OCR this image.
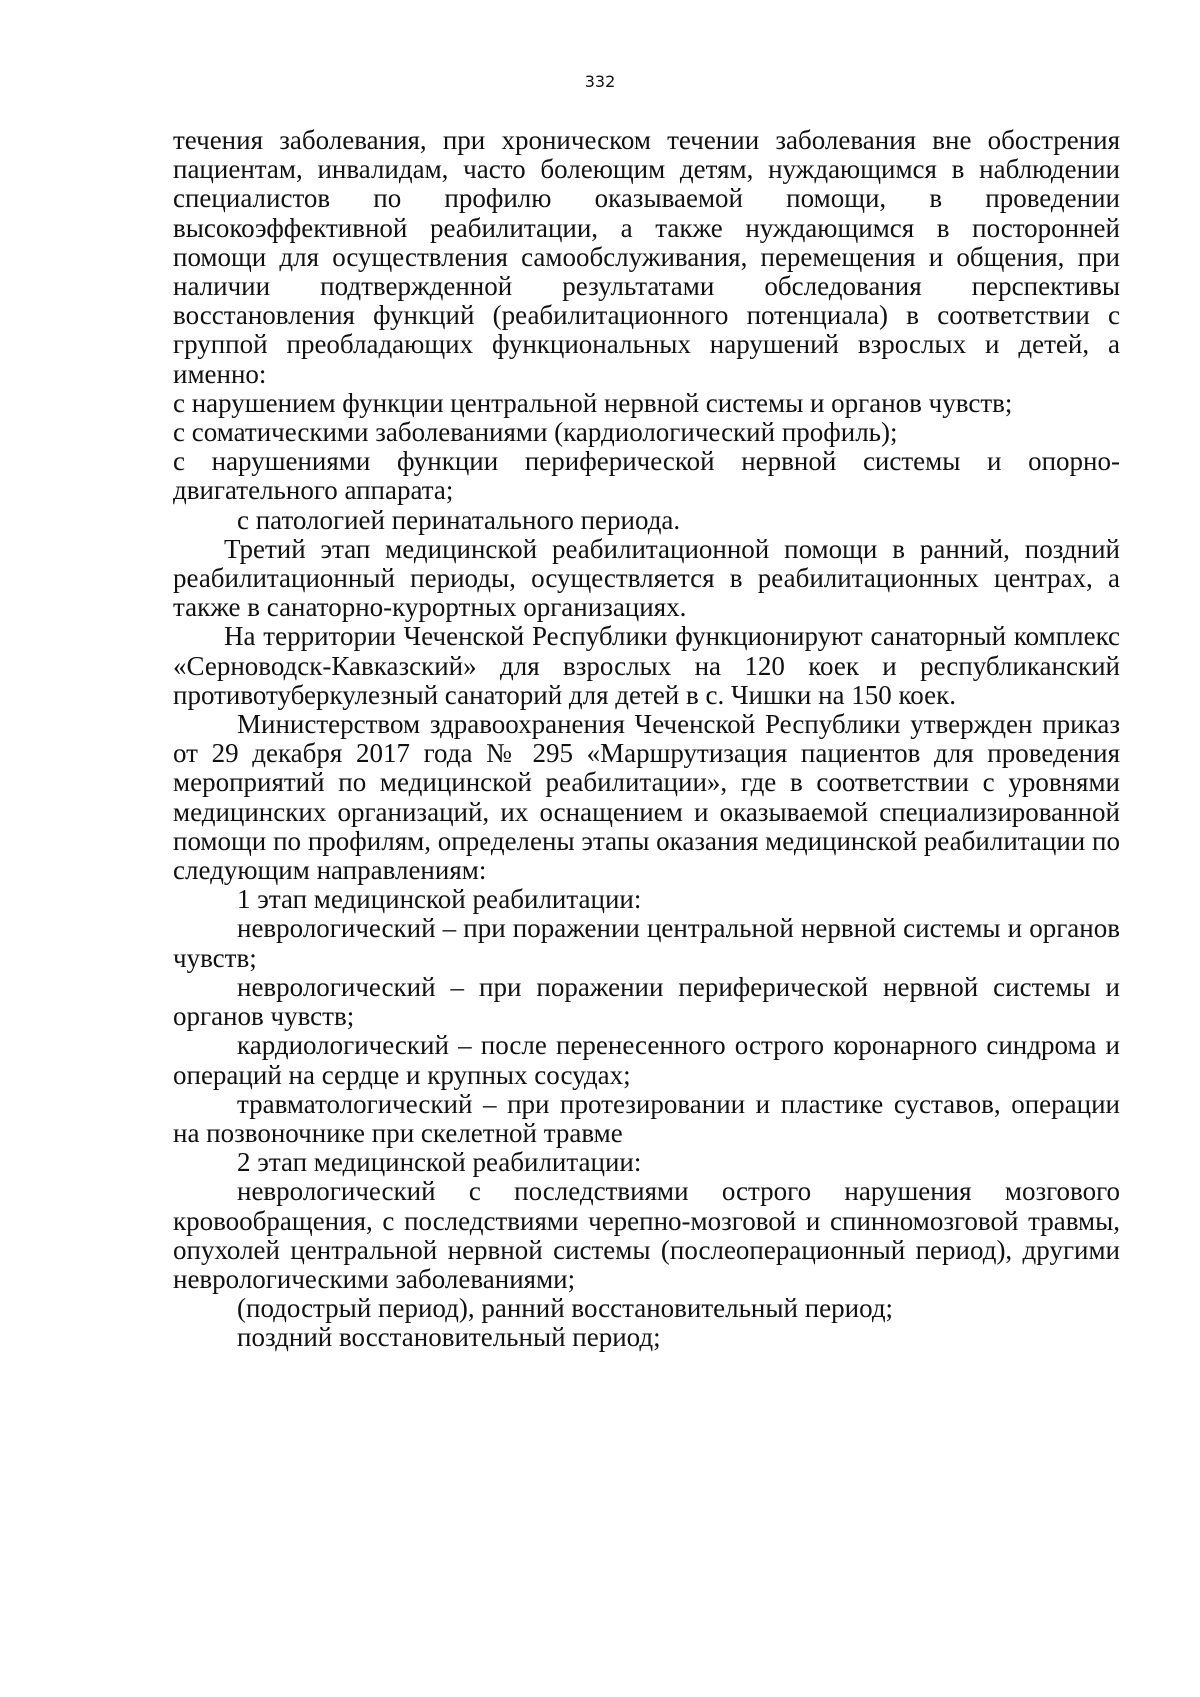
332

течения заболевания, при хроническом течении заболевания вне обострения пациентам, инвалидам, часто болеющим детям, нуждающимся в наблюдении специалистов по профилю оказываемой помощи, в проведении высокоэффективной реабилитации, а также нуждающимся в посторонней помощи для осуществления самообслуживания, перемещения и общения, при наличии подтвержденной результатами обследования перспективы восстановления функций (реабилитационного потенциала) в соответствии с группой преобладающих функциональных нарушений взрослых и детей, а именно:

с нарушением функции центральной нервной системы и органов чувств;

с соматическими заболеваниями (кардиологический профиль);

с нарушениями функции периферической нервной системы и опорно-двигательного аппарата;

с патологией перинатального периода.

Третий этап медицинской реабилитационной помощи в ранний, поздний реабилитационный периоды, осуществляется в реабилитационных центрах, а также в санаторно-курортных организациях.

На территории Чеченской Республики функционируют санаторный комплекс «Серноводск-Кавказский» для взрослых на 120 коек и республиканский противотуберкулезный санаторий для детей в с. Чишки на 150 коек.

Министерством здравоохранения Чеченской Республики утвержден приказ от 29 декабря 2017 года № 295 «Маршрутизация пациентов для проведения мероприятий по медицинской реабилитации», где в соответствии с уровнями медицинских организаций, их оснащением и оказываемой специализированной помощи по профилям, определены этапы оказания медицинской реабилитации по следующим направлениям:

1 этап медицинской реабилитации:

неврологический – при поражении центральной нервной системы и органов чувств;

неврологический – при поражении периферической нервной системы и органов чувств;

кардиологический – после перенесенного острого коронарного синдрома и операций на сердце и крупных сосудах;

травматологический – при протезировании и пластике суставов, операции на позвоночнике при скелетной травме

2 этап медицинской реабилитации:

неврологический с последствиями острого нарушения мозгового кровообращения, с последствиями черепно-мозговой и спинномозговой травмы, опухолей центральной нервной системы (послеоперационный период), другими неврологическими заболеваниями;

(подострый период), ранний восстановительный период;

поздний восстановительный период;
